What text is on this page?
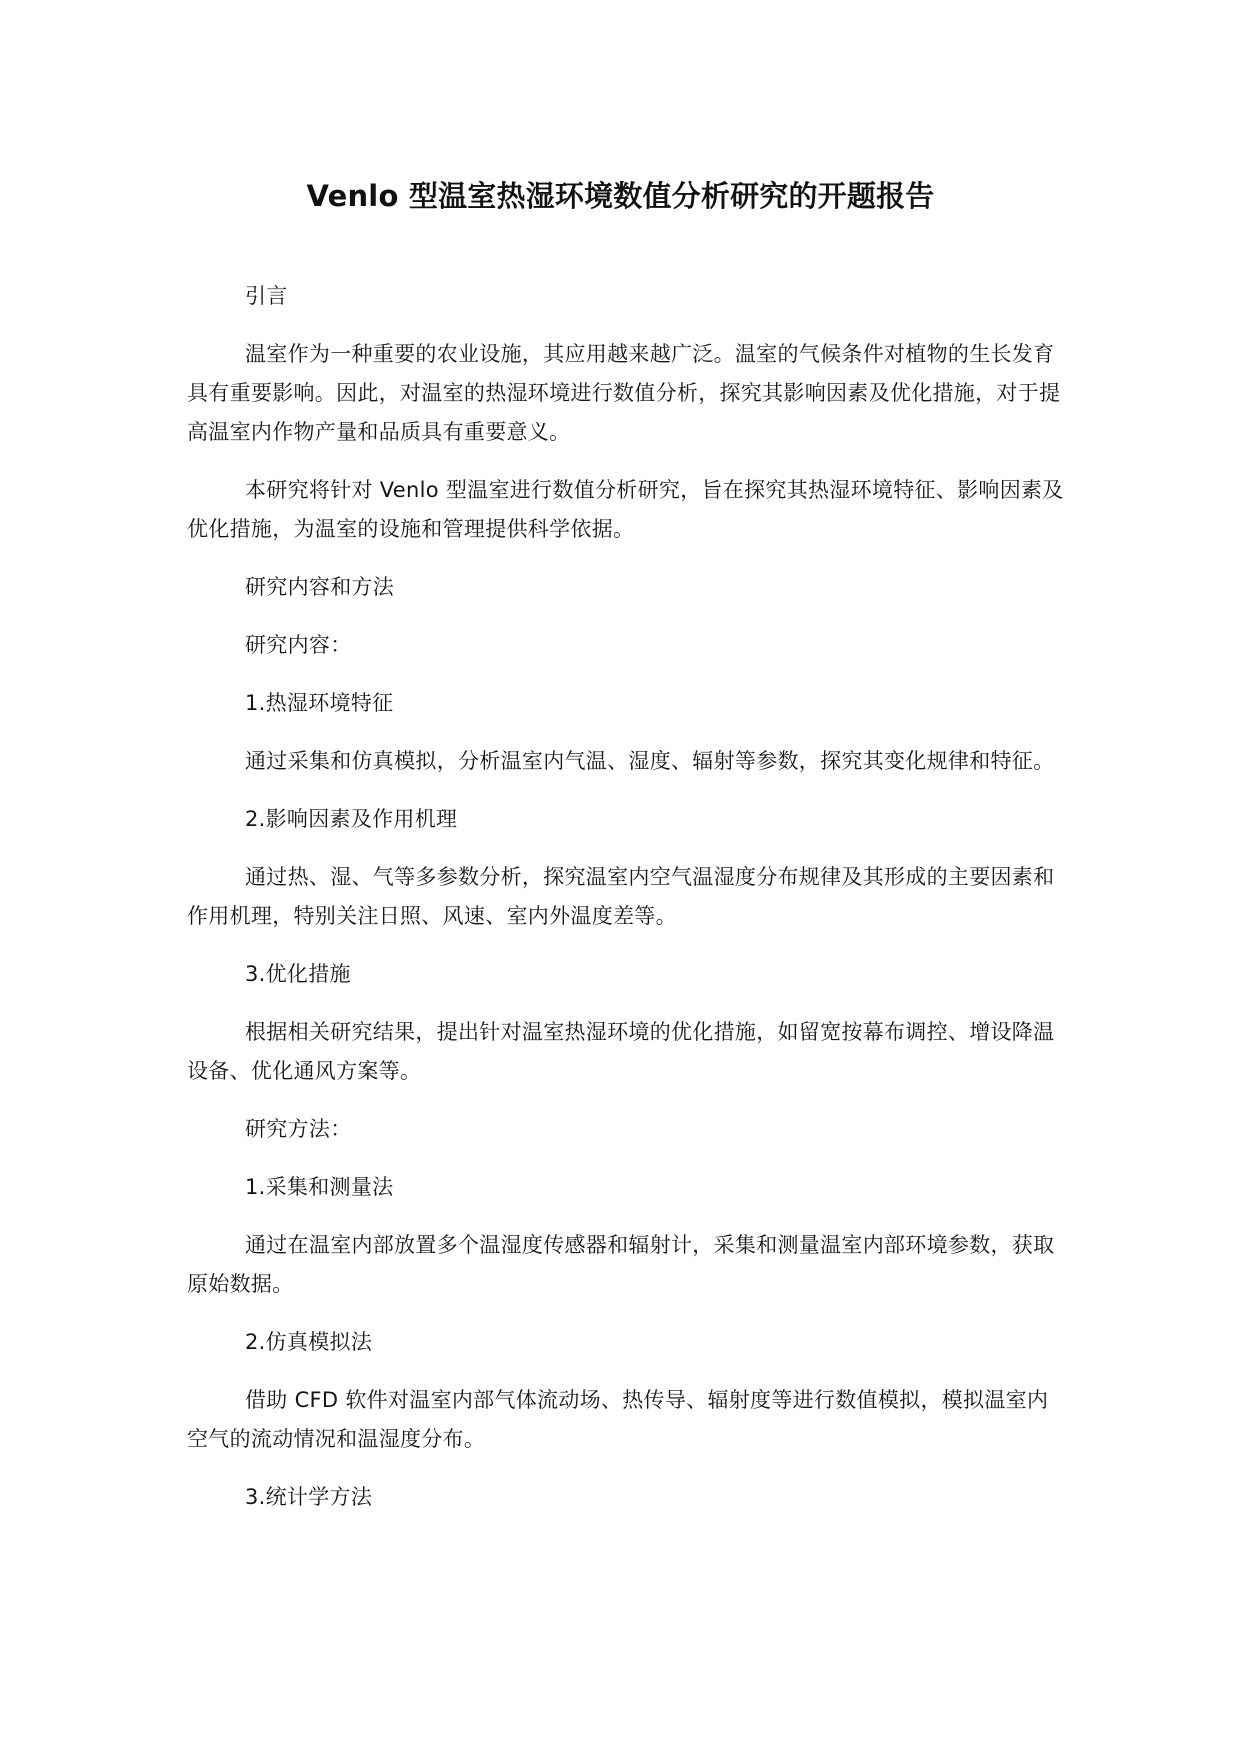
Venlo 型温室热湿环境数值分析研究的开题报告

引言

温室作为一种重要的农业设施，其应用越来越广泛。温室的气候条件对植物的生长发育具有重要影响。因此，对温室的热湿环境进行数值分析，探究其影响因素及优化措施，对于提高温室内作物产量和品质具有重要意义。

本研究将针对 Venlo 型温室进行数值分析研究，旨在探究其热湿环境特征、影响因素及优化措施，为温室的设施和管理提供科学依据。

研究内容和方法

研究内容：

1.热湿环境特征

通过采集和仿真模拟，分析温室内气温、湿度、辐射等参数，探究其变化规律和特征。

2.影响因素及作用机理

通过热、湿、气等多参数分析，探究温室内空气温湿度分布规律及其形成的主要因素和作用机理，特别关注日照、风速、室内外温度差等。

3.优化措施

根据相关研究结果，提出针对温室热湿环境的优化措施，如留宽按幕布调控、增设降温设备、优化通风方案等。

研究方法：

1.采集和测量法

通过在温室内部放置多个温湿度传感器和辐射计，采集和测量温室内部环境参数，获取原始数据。

2.仿真模拟法

借助 CFD 软件对温室内部气体流动场、热传导、辐射度等进行数值模拟，模拟温室内空气的流动情况和温湿度分布。

3.统计学方法
